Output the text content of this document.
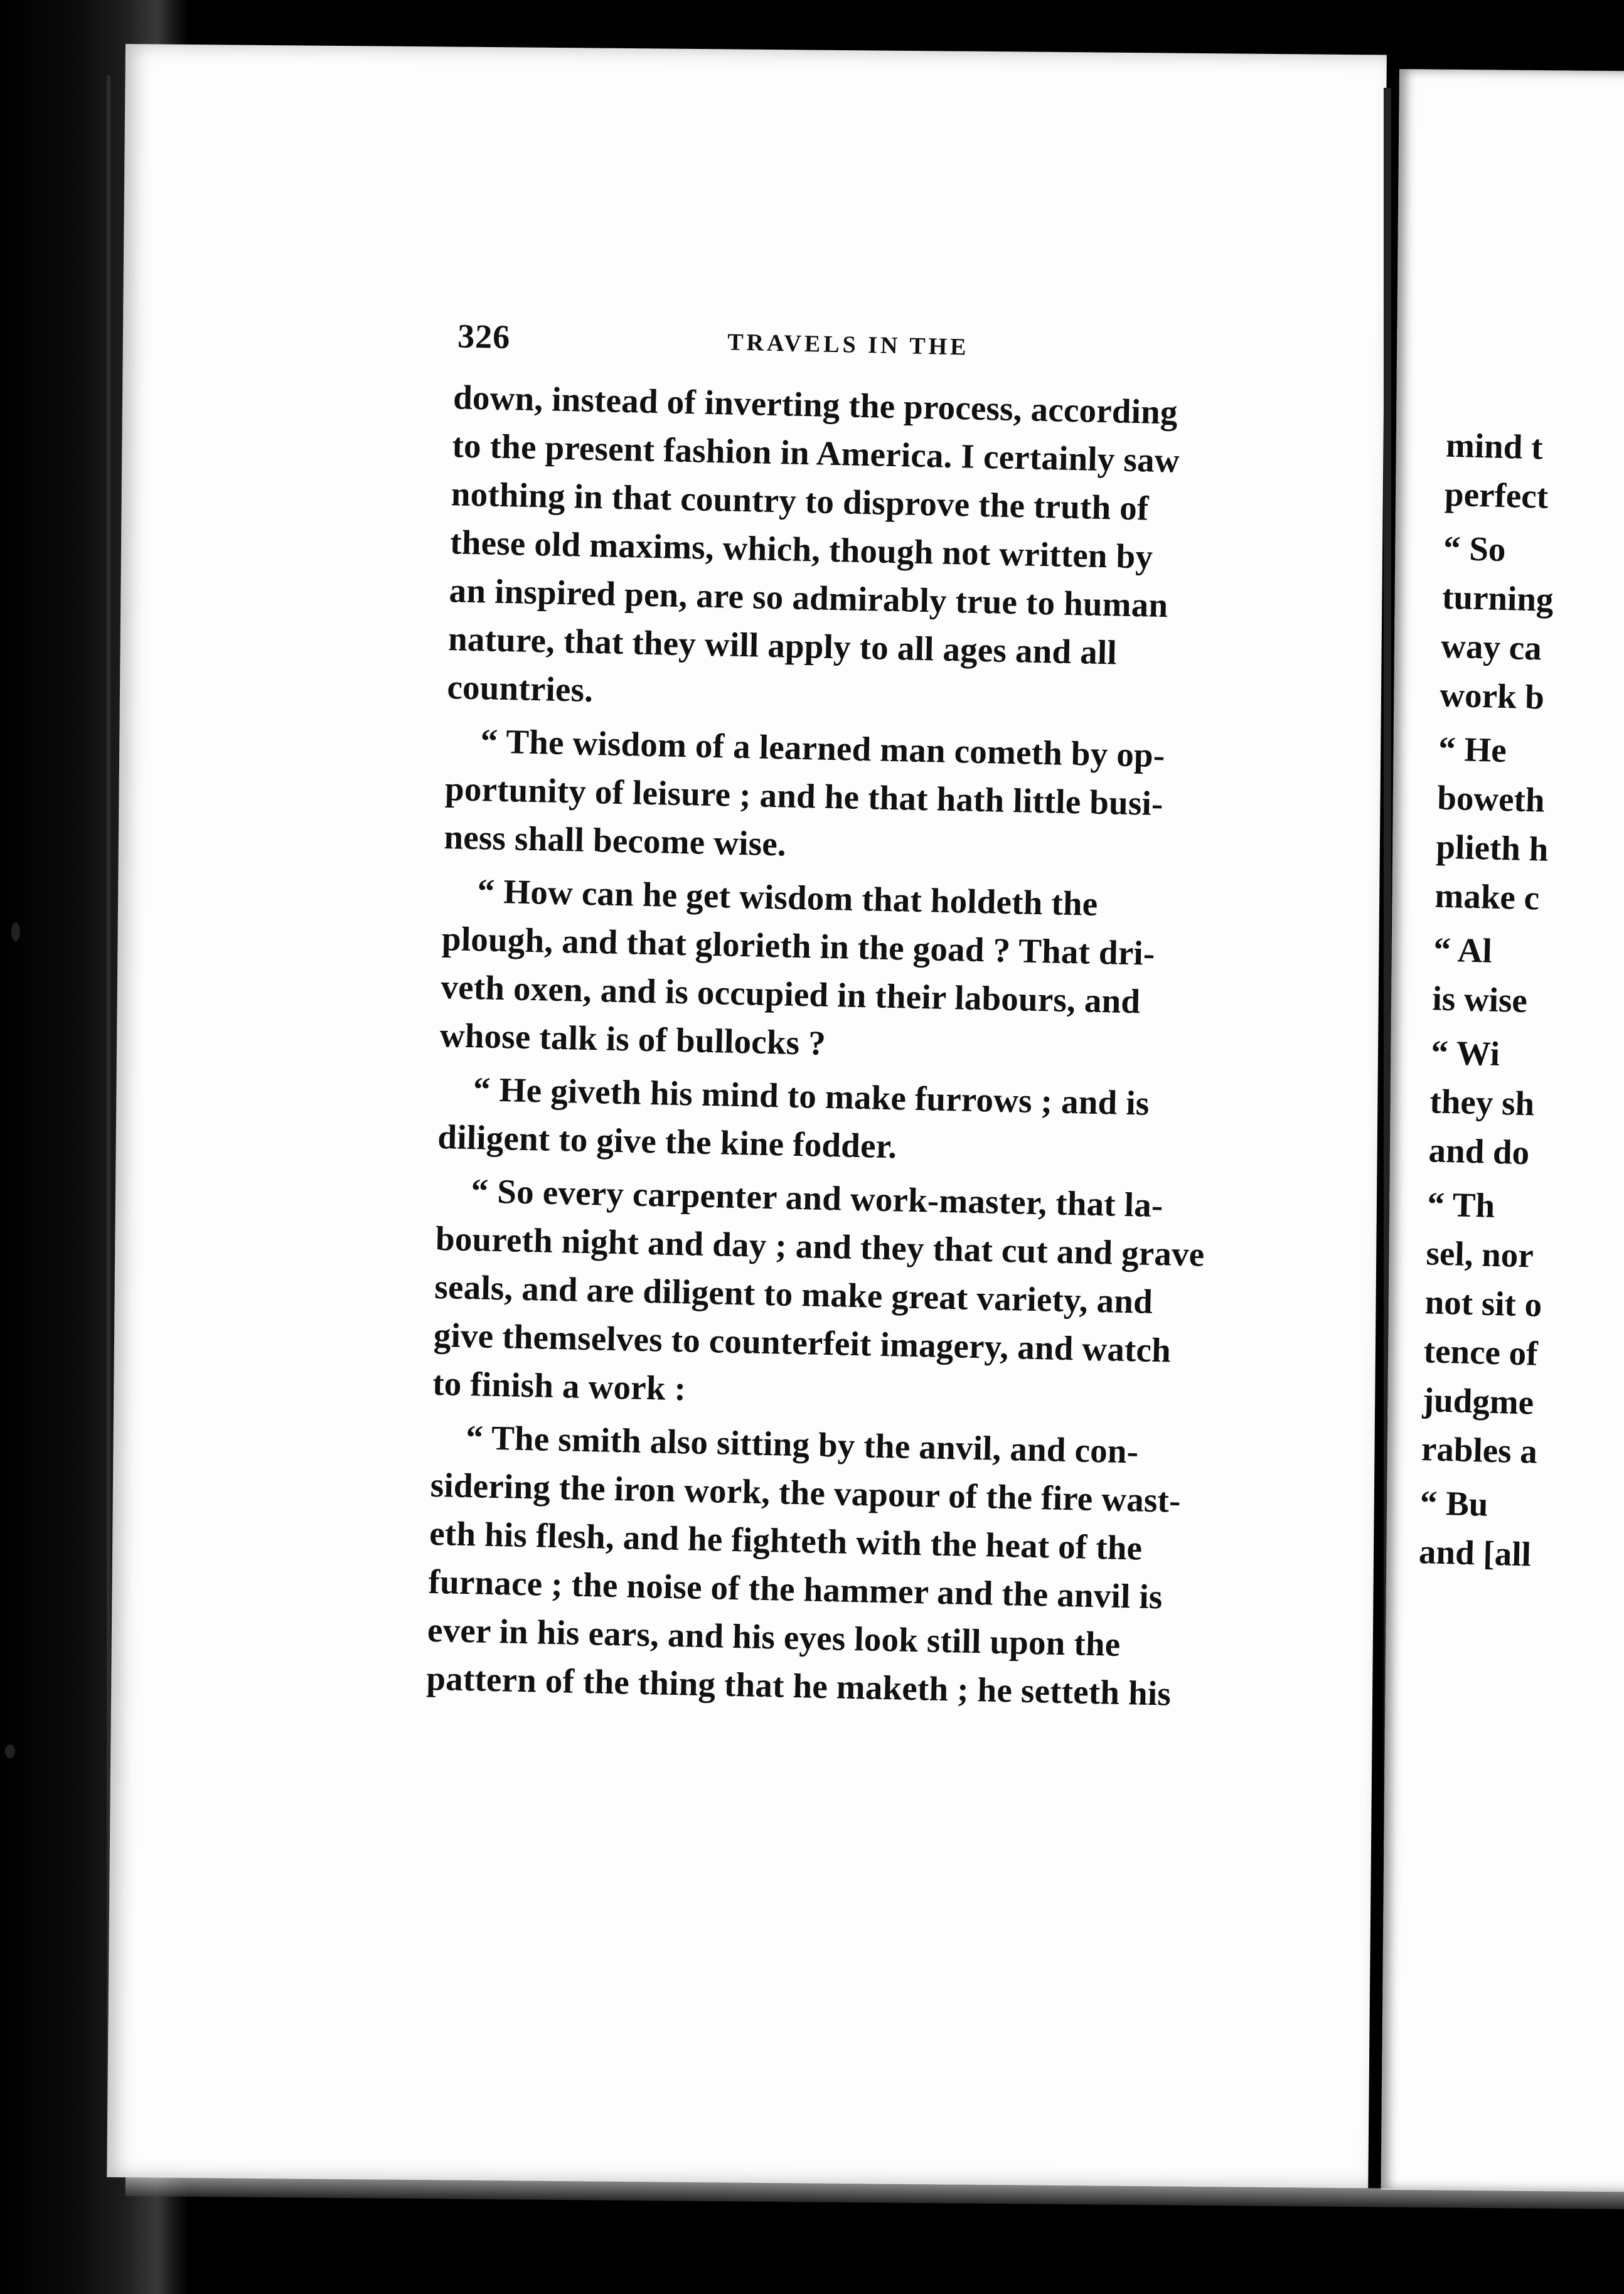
mind t
perfect
“ So
turning
way ca
work b
“ He
boweth
plieth h
make c
“ Al
is wise
“ Wi
they sh
and do
“ Th
sel, nor
not sit o
tence of
judgme
rables a
“ Bu
and [all
326	TRAVELS IN THE

down, instead of inverting the process, according
to the present fashion in America. I certainly saw
nothing in that country to disprove the truth of
these old maxims, which, though not written by
an inspired pen, are so admirably true to human
nature, that they will apply to all ages and all
countries.

“ The wisdom of a learned man cometh by op-
portunity of leisure ; and he that hath little busi-
ness shall become wise.

“ How can he get wisdom that holdeth the
plough, and that glorieth in the goad ? That dri-
veth oxen, and is occupied in their labours, and
whose talk is of bullocks ?

“ He giveth his mind to make furrows ; and is
diligent to give the kine fodder.

“ So every carpenter and work-master, that la-
boureth night and day ; and they that cut and grave
seals, and are diligent to make great variety, and
give themselves to counterfeit imagery, and watch
to finish a work :

“ The smith also sitting by the anvil, and con-
sidering the iron work, the vapour of the fire wast-
eth his flesh, and he fighteth with the heat of the
furnace ; the noise of the hammer and the anvil is
ever in his ears, and his eyes look still upon the
pattern of the thing that he maketh ; he setteth his
